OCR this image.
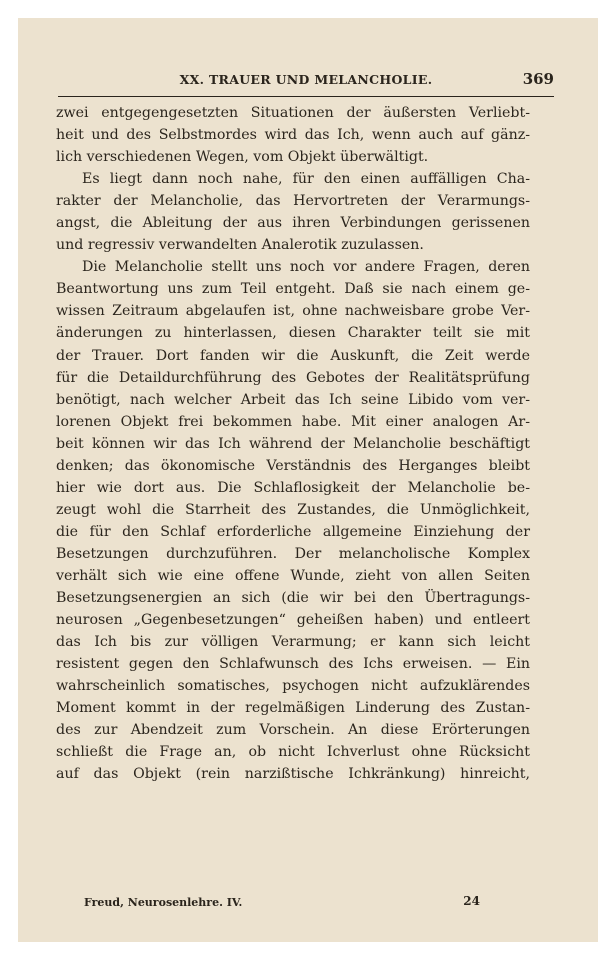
XX. TRAUER UND MELANCHOLIE.	369
zwei entgegengesetzten Situationen der äußersten Verliebt-
heit und des Selbstmordes wird das Ich, wenn auch auf gänz-
lich verschiedenen Wegen, vom Objekt überwältigt.
Es liegt dann noch nahe, für den einen auffälligen Cha-
rakter der Melancholie, das Hervortreten der Verarmungs-
angst, die Ableitung der aus ihren Verbindungen gerissenen
und regressiv verwandelten Analerotik zuzulassen.
Die Melancholie stellt uns noch vor andere Fragen, deren
Beantwortung uns zum Teil entgeht. Daß sie nach einem ge-
wissen Zeitraum abgelaufen ist, ohne nachweisbare grobe Ver-
änderungen zu hinterlassen, diesen Charakter teilt sie mit
der Trauer. Dort fanden wir die Auskunft, die Zeit werde
für die Detaildurchführung des Gebotes der Realitätsprüfung
benötigt, nach welcher Arbeit das Ich seine Libido vom ver-
lorenen Objekt frei bekommen habe. Mit einer analogen Ar-
beit können wir das Ich während der Melancholie beschäftigt
denken; das ökonomische Verständnis des Herganges bleibt
hier wie dort aus. Die Schlaflosigkeit der Melancholie be-
zeugt wohl die Starrheit des Zustandes, die Unmöglichkeit,
die für den Schlaf erforderliche allgemeine Einziehung der
Besetzungen durchzuführen. Der melancholische Komplex
verhält sich wie eine offene Wunde, zieht von allen Seiten
Besetzungsenergien an sich (die wir bei den Übertragungs-
neurosen „Gegenbesetzungen“ geheißen haben) und entleert
das Ich bis zur völligen Verarmung; er kann sich leicht
resistent gegen den Schlafwunsch des Ichs erweisen. — Ein
wahrscheinlich somatisches, psychogen nicht aufzuklärendes
Moment kommt in der regelmäßigen Linderung des Zustan-
des zur Abendzeit zum Vorschein. An diese Erörterungen
schließt die Frage an, ob nicht Ichverlust ohne Rücksicht
auf das Objekt (rein narzißtische Ichkränkung) hinreicht,
Freud, Neurosenlehre. IV.	24
